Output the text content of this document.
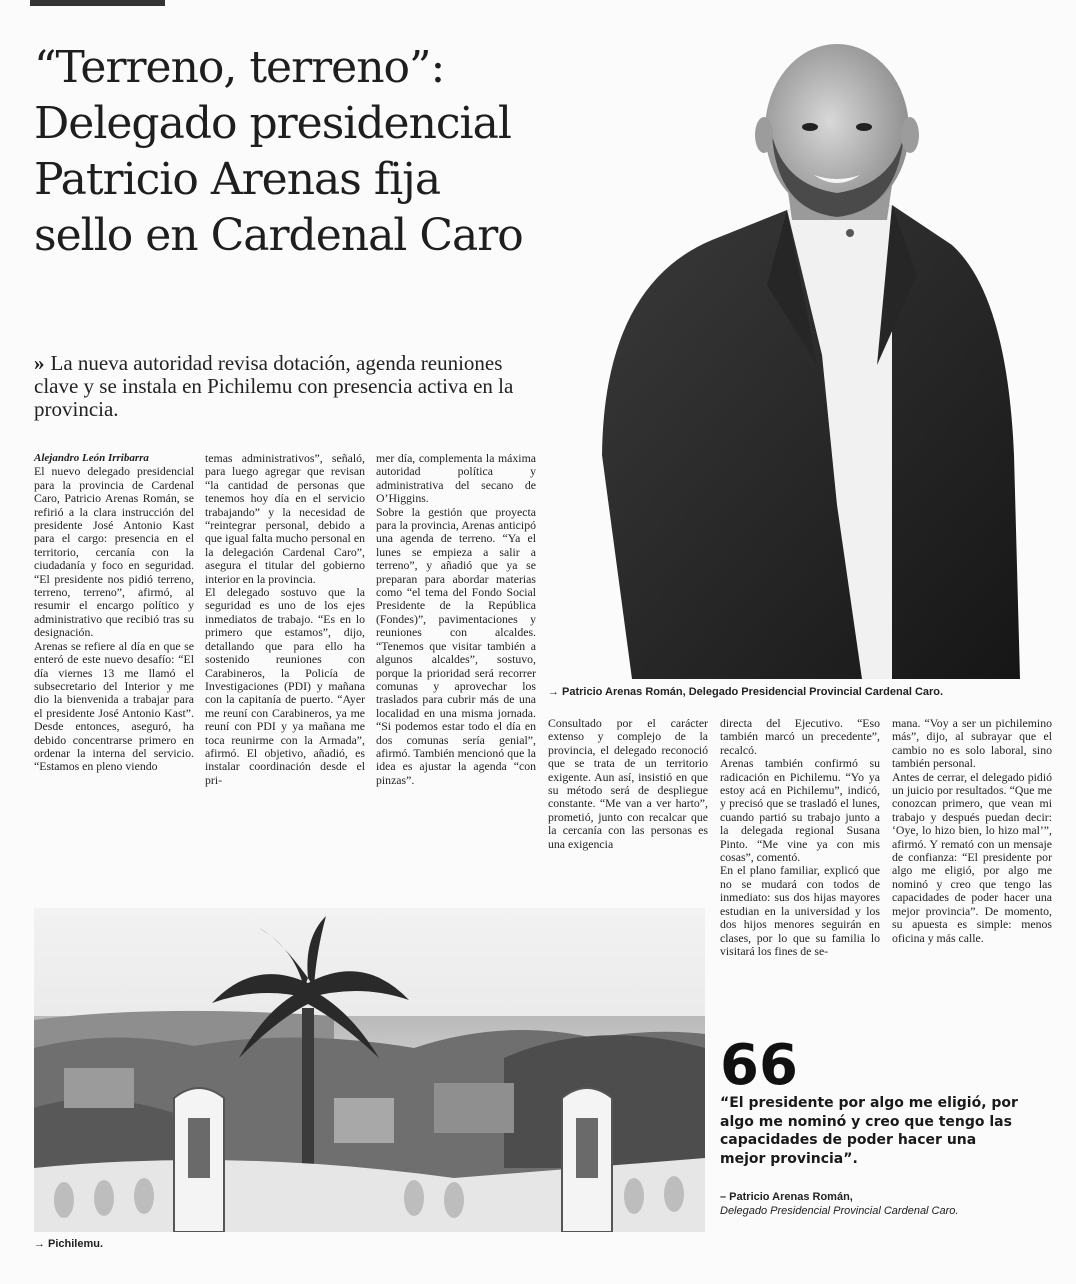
“Terreno, terreno”:
Delegado presidencial
Patricio Arenas fija
sello en Cardenal Caro
» La nueva autoridad revisa dotación, agenda reuniones clave y se instala en Pichilemu con presencia activa en la provincia.
→ Patricio Arenas Román, Delegado Presidencial Provincial Cardenal Caro.

Alejandro León Irribarra

El nuevo delegado presidencial para la provincia de Cardenal Caro, Patricio Arenas Román, se refirió a la clara instrucción del presidente José Antonio Kast para el cargo: presencia en el territorio, cercanía con la ciudadanía y foco en seguridad. “El presidente nos pidió terreno, terreno, terreno”, afirmó, al resumir el encargo político y administrativo que recibió tras su designación.

Arenas se refiere al día en que se enteró de este nuevo desafío: “El día viernes 13 me llamó el subsecretario del Interior y me dio la bienvenida a trabajar para el presidente José Antonio Kast”. Desde entonces, aseguró, ha debido concentrarse primero en ordenar la interna del servicio. “Estamos en pleno viendo

temas administrativos”, señaló, para luego agregar que revisan “la cantidad de personas que tenemos hoy día en el servicio trabajando” y la necesidad de “reintegrar personal, debido a que igual falta mucho personal en la delegación Cardenal Caro”, asegura el titular del gobierno interior en la provincia.

El delegado sostuvo que la seguridad es uno de los ejes inmediatos de trabajo. “Es en lo primero que estamos”, dijo, detallando que para ello ha sostenido reuniones con Carabineros, la Policía de Investigaciones (PDI) y mañana con la capitanía de puerto. “Ayer me reuní con Carabineros, ya me reuní con PDI y ya mañana me toca reunirme con la Armada”, afirmó. El objetivo, añadió, es instalar coordinación desde el pri-

mer día, complementa la máxima autoridad política y administrativa del secano de O’Higgins.

Sobre la gestión que proyecta para la provincia, Arenas anticipó una agenda de terreno. “Ya el lunes se empieza a salir a terreno”, y añadió que ya se preparan para abordar materias como “el tema del Fondo Social Presidente de la República (Fondes)”, pavimentaciones y reuniones con alcaldes. “Tenemos que visitar también a algunos alcaldes”, sostuvo, porque la prioridad será recorrer comunas y aprovechar los traslados para cubrir más de una localidad en una misma jornada. “Si podemos estar todo el día en dos comunas sería genial”, afirmó. También mencionó que la idea es ajustar la agenda “con pinzas”.

Consultado por el carácter extenso y complejo de la provincia, el delegado reconoció que se trata de un territorio exigente. Aun así, insistió en que su método será de despliegue constante. “Me van a ver harto”, prometió, junto con recalcar que la cercanía con las personas es una exigencia

directa del Ejecutivo. “Eso también marcó un precedente”, recalcó.

Arenas también confirmó su radicación en Pichilemu. “Yo ya estoy acá en Pichilemu”, indicó, y precisó que se trasladó el lunes, cuando partió su trabajo junto a la delegada regional Susana Pinto. “Me vine ya con mis cosas”, comentó.

En el plano familiar, explicó que no se mudará con todos de inmediato: sus dos hijas mayores estudian en la universidad y los dos hijos menores seguirán en clases, por lo que su familia lo visitará los fines de se-

mana. “Voy a ser un pichilemino más”, dijo, al subrayar que el cambio no es solo laboral, sino también personal.

Antes de cerrar, el delegado pidió un juicio por resultados. “Que me conozcan primero, que vean mi trabajo y después puedan decir: ‘Oye, lo hizo bien, lo hizo mal’”, afirmó. Y remató con un mensaje de confianza: “El presidente por algo me eligió, por algo me nominó y creo que tengo las capacidades de poder hacer una mejor provincia”. De momento, su apuesta es simple: menos oficina y más calle.

→ Pichilemu.
66
“El presidente por algo me eligió, por algo me nominó y creo que tengo las capacidades de poder hacer una mejor provincia”.
– Patricio Arenas Román,
Delegado Presidencial Provincial Cardenal Caro.
